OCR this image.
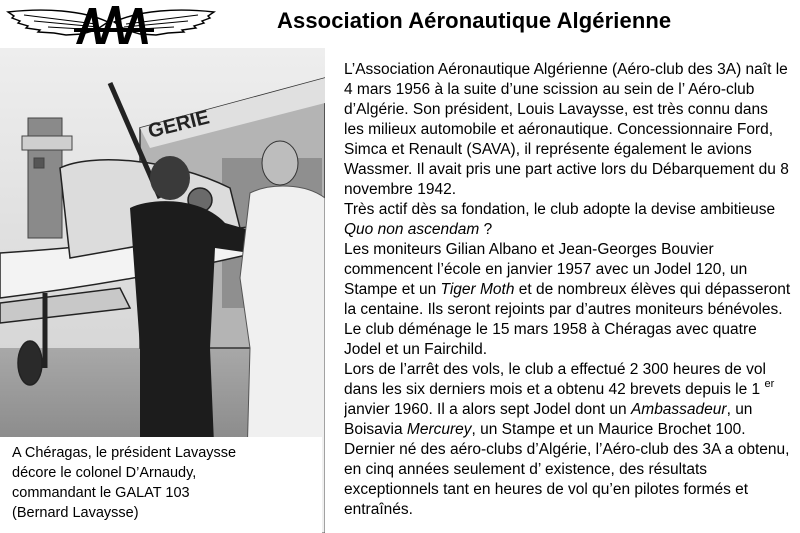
Association Aéronautique Algérienne
GERIE

A Chéragas, le président Lavaysse

décore le colonel D’Arnaudy,

commandant le GALAT 103

(Bernard Lavaysse)

L’Association Aéronautique Algérienne (Aéro-club des 3A) naît le 4 mars 1956 à la suite d’une scission au sein de l’ Aéro-club d’Algérie. Son président, Louis Lavaysse, est très connu dans les milieux automobile et aéronautique. Concessionnaire Ford, Simca et Renault (SAVA), il représente également le avions Wassmer. Il avait pris une part active lors du Débarquement du 8 novembre 1942.

Très actif dès sa fondation, le club adopte la devise ambitieuse Quo non ascendam ?

Les moniteurs Gilian Albano et Jean-Georges Bouvier commencent l’école en janvier 1957 avec un Jodel 120, un Stampe et un Tiger Moth et de nombreux élèves qui dépasseront la centaine. Ils seront rejoints par d’autres moniteurs bénévoles. Le club déménage le 15 mars 1958 à Chéragas avec quatre Jodel et un Fairchild.

Lors de l’arrêt des vols, le club a effectué 2 300 heures de vol dans les six derniers mois et a obtenu 42 brevets depuis le 1 $^{er}$ janvier 1960. Il a alors sept Jodel dont un Ambassadeur, un Boisavia Mercurey, un Stampe et un Maurice Brochet 100. Dernier né des aéro-clubs d’Algérie, l’Aéro-club des 3A a obtenu, en cinq années seulement d’ existence, des résultats exceptionnels tant en heures de vol qu’en pilotes formés et entraînés.
